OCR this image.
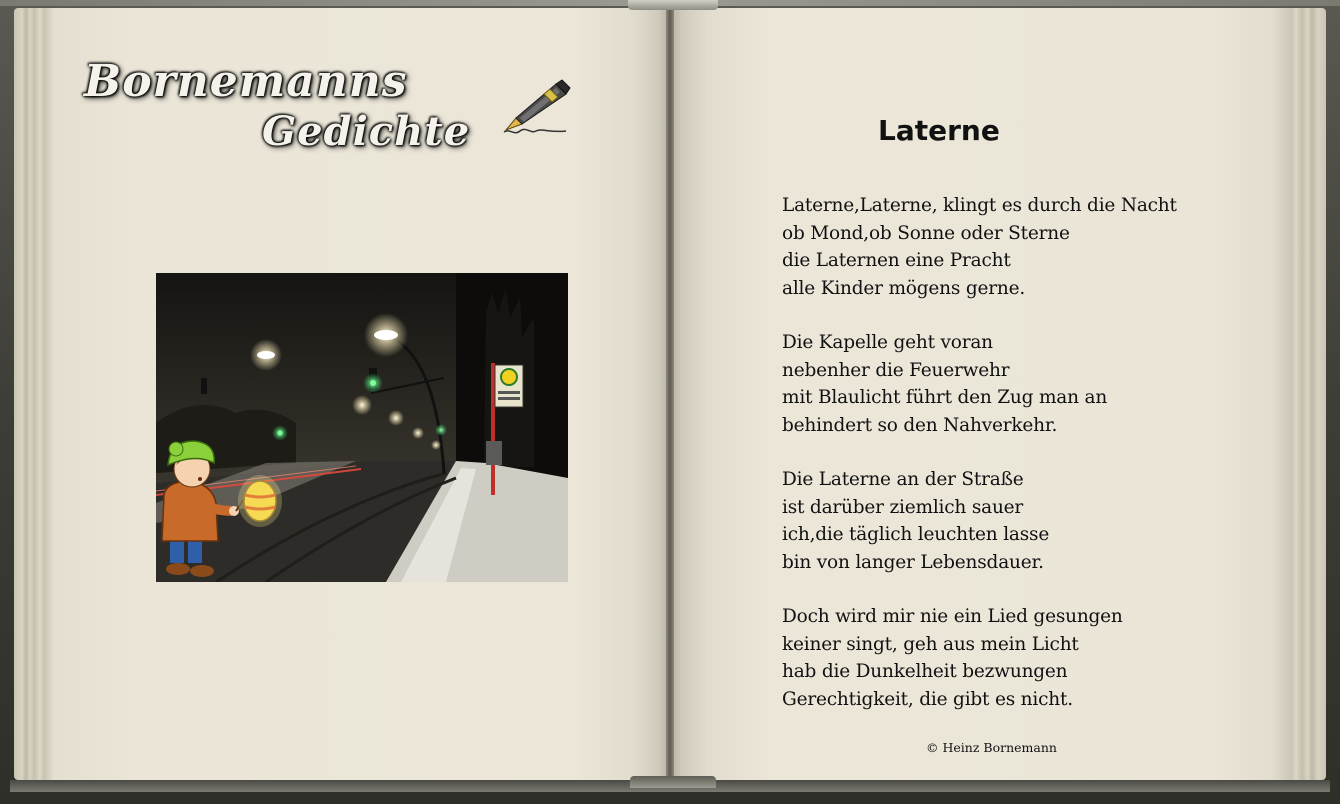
Bornemanns
Gedichte	Laterne
Laterne,Laterne, klingt es durch die Nacht
ob Mond,ob Sonne oder Sterne
die Laternen eine Pracht
alle Kinder mögens gerne.
Die Kapelle geht voran
nebenher die Feuerwehr
mit Blaulicht führt den Zug man an
behindert so den Nahverkehr.
Die Laterne an der Straße
ist darüber ziemlich sauer
ich,die täglich leuchten lasse
bin von langer Lebensdauer.
Doch wird mir nie ein Lied gesungen
keiner singt, geh aus mein Licht
hab die Dunkelheit bezwungen
Gerechtigkeit, die gibt es nicht.
© Heinz Bornemann
